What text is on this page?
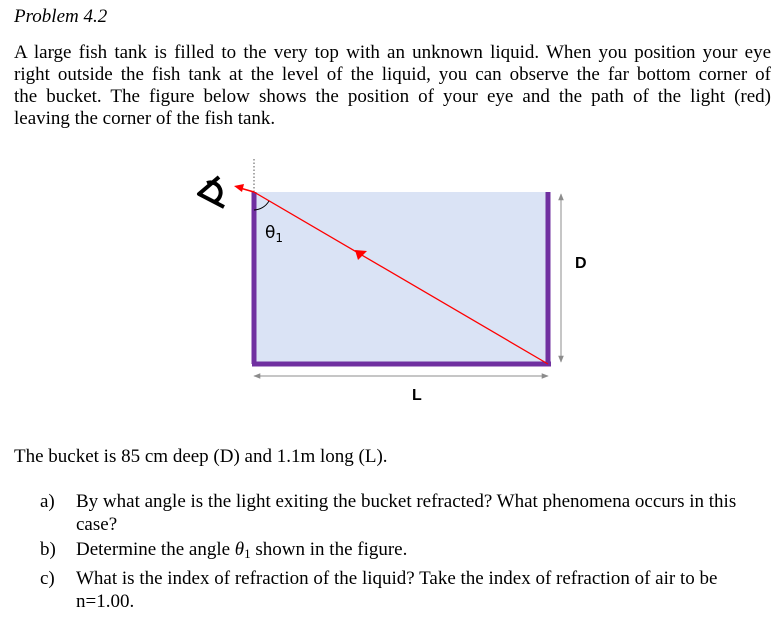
Problem 4.2

A large fish tank is filled to the very top with an unknown liquid. When you position your eye
right outside the fish tank at the level of the liquid, you can observe the far bottom corner of
the bucket. The figure below shows the position of your eye and the path of the light (red)
leaving the corner of the fish tank.

$\theta_1$
D
L

The bucket is 85 cm deep (D) and 1.1m long (L).

a) By what angle is the light exiting the bucket refracted? What phenomena occurs in this case?
b) Determine the angle $\theta_1$ shown in the figure.
c) What is the index of refraction of the liquid? Take the index of refraction of air to be n=1.00.
